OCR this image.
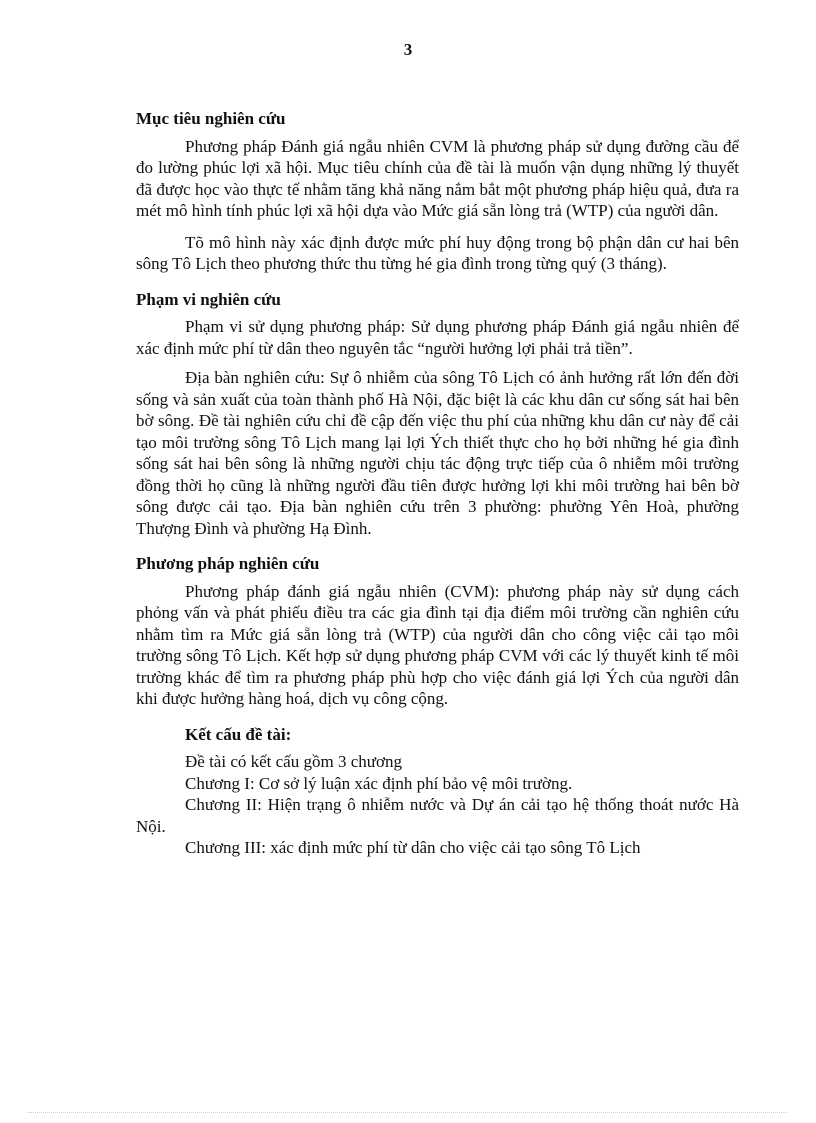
3
Mục tiêu nghiên cứu

Phương pháp Đánh giá ngẫu nhiên CVM là phương pháp sử dụng đường cầu để đo lường phúc lợi xã hội. Mục tiêu chính của đề tài là muốn vận dụng những lý thuyết đã được học vào thực tế nhằm tăng khả năng nắm bắt một phương pháp hiệu quả, đưa ra mét mô hình tính phúc lợi xã hội dựa vào Mức giá sẵn lòng trả (WTP) của người dân.

Tõ mô hình này xác định được mức phí huy động trong bộ phận dân cư hai bên sông Tô Lịch theo phương thức thu từng hé gia đình trong từng quý (3 tháng).

Phạm vi nghiên cứu

Phạm vi sử dụng phương pháp: Sử dụng phương pháp Đánh giá ngẫu nhiên để xác định mức phí từ dân theo nguyên tắc “người hưởng lợi phải trả tiền”.

Địa bàn nghiên cứu: Sự ô nhiễm của sông Tô Lịch có ảnh hưởng rất lớn đến đời sống và sản xuất của toàn thành phố Hà Nội, đặc biệt là các khu dân cư sống sát hai bên bờ sông. Đề tài nghiên cứu chỉ đề cập đến việc thu phí của những khu dân cư này để cải tạo môi trường sông Tô Lịch mang lại lợi Ých thiết thực cho họ bởi những hé gia đình sống sát hai bên sông là những người chịu tác động trực tiếp của ô nhiễm môi trường đồng thời họ cũng là những người đầu tiên được hưởng lợi khi môi trường hai bên bờ sông được cải tạo. Địa bàn nghiên cứu trên 3 phường: phường Yên Hoà, phường Thượng Đình và phường Hạ Đình.

Phương pháp nghiên cứu

Phương pháp đánh giá ngẫu nhiên (CVM): phương pháp này sử dụng cách phỏng vấn và phát phiếu điều tra các gia đình tại địa điểm môi trường cần nghiên cứu nhằm tìm ra Mức giá sẵn lòng trả (WTP) của người dân cho công việc cải tạo môi trường sông Tô Lịch. Kết hợp sử dụng phương pháp CVM với các lý thuyết kinh tế môi trường khác để tìm ra phương pháp phù hợp cho việc đánh giá lợi Ých của người dân khi được hưởng hàng hoá, dịch vụ công cộng.

Kết cấu đề tài:

Đề tài có kết cấu gồm 3 chương

Chương I: Cơ sở lý luận xác định phí bảo vệ môi trường.

Chương II: Hiện trạng ô nhiễm nước và Dự án cải tạo hệ thống thoát nước Hà Nội.

Chương III: xác định mức phí từ dân cho việc cải tạo sông Tô Lịch
